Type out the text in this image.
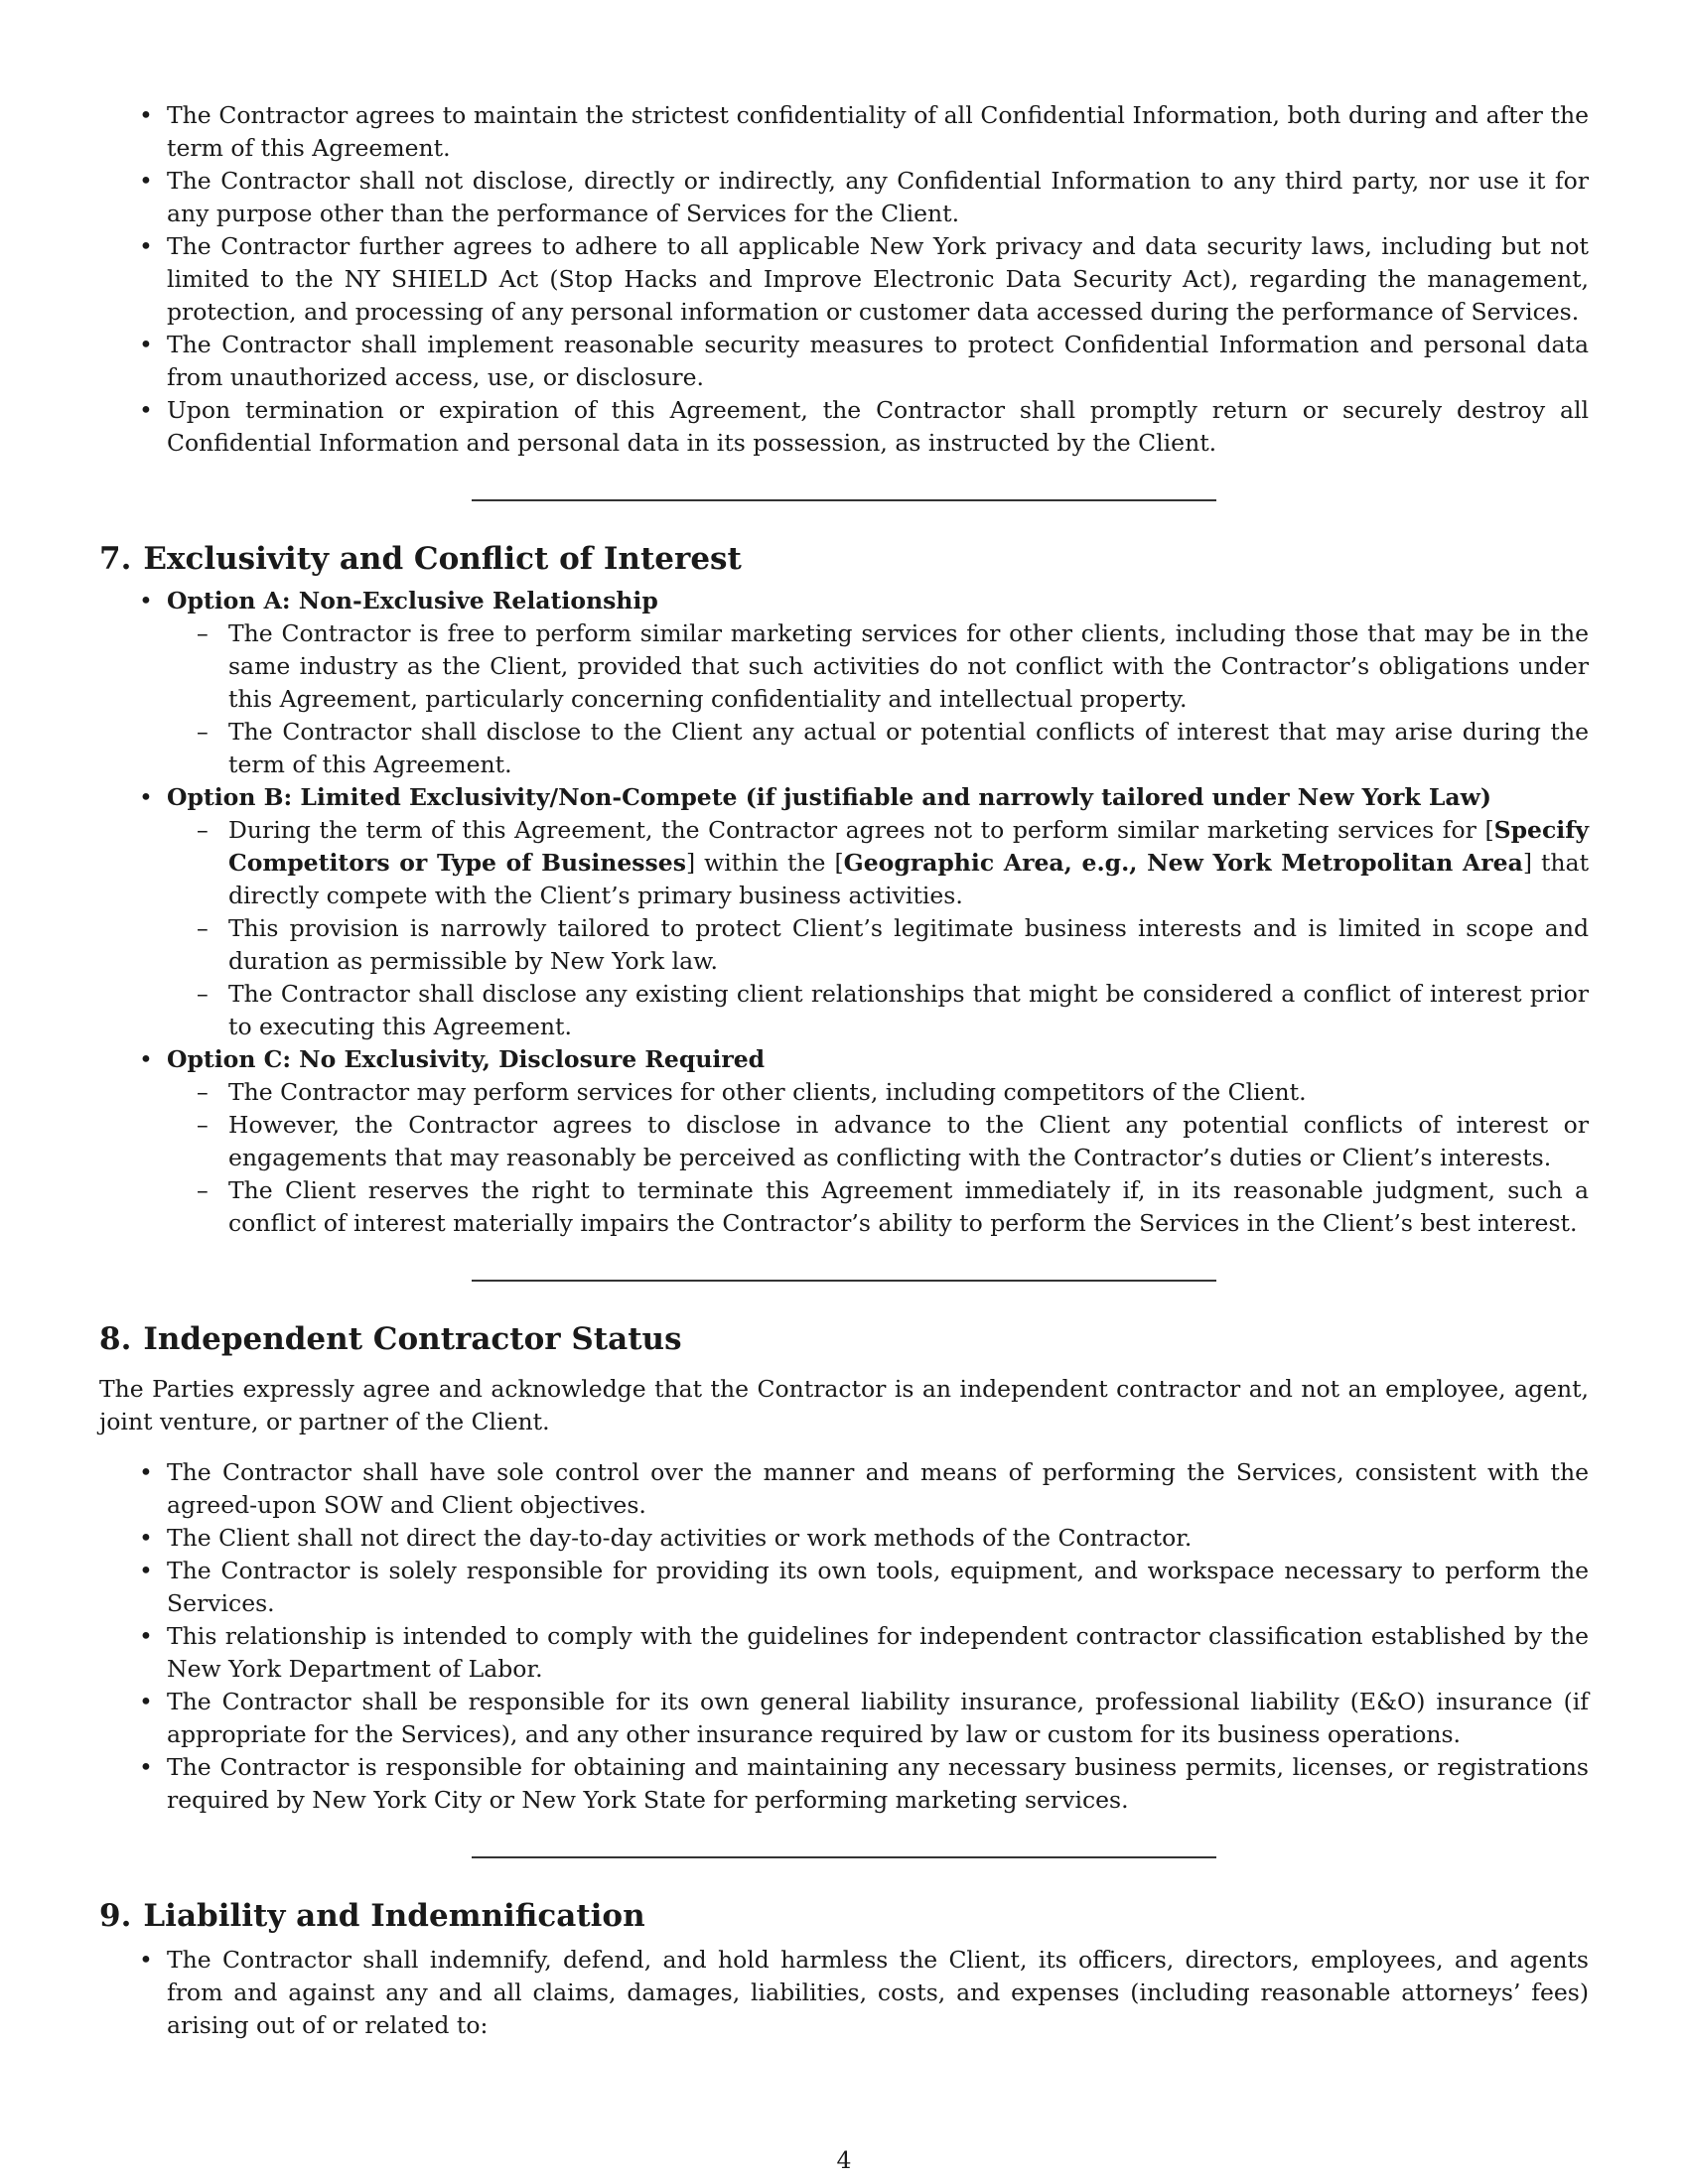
• The Contractor agrees to maintain the strictest confidentiality of all Confidential Information, both during and after the term of this Agreement.
• The Contractor shall not disclose, directly or indirectly, any Confidential Information to any third party, nor use it for any purpose other than the performance of Services for the Client.
• The Contractor further agrees to adhere to all applicable New York privacy and data security laws, including but not limited to the NY SHIELD Act (Stop Hacks and Improve Electronic Data Security Act), regarding the management, protection, and processing of any personal information or customer data accessed during the performance of Services.
• The Contractor shall implement reasonable security measures to protect Confidential Information and personal data from unauthorized access, use, or disclosure.
• Upon termination or expiration of this Agreement, the Contractor shall promptly return or securely destroy all Confidential Information and personal data in its possession, as instructed by the Client.
7. Exclusivity and Conflict of Interest
• Option A: Non-Exclusive Relationship
– The Contractor is free to perform similar marketing services for other clients, including those that may be in the same industry as the Client, provided that such activities do not conflict with the Contractor’s obligations under this Agreement, particularly concerning confidentiality and intellectual property.
– The Contractor shall disclose to the Client any actual or potential conflicts of interest that may arise during the term of this Agreement.
• Option B: Limited Exclusivity/Non-Compete (if justifiable and narrowly tailored under New York Law)
– During the term of this Agreement, the Contractor agrees not to perform similar marketing services for [Specify Competitors or Type of Businesses] within the [Geographic Area, e.g., New York Metropolitan Area] that directly compete with the Client’s primary business activities.
– This provision is narrowly tailored to protect Client’s legitimate business interests and is limited in scope and duration as permissible by New York law.
– The Contractor shall disclose any existing client relationships that might be considered a conflict of interest prior to executing this Agreement.
• Option C: No Exclusivity, Disclosure Required
– The Contractor may perform services for other clients, including competitors of the Client.
– However, the Contractor agrees to disclose in advance to the Client any potential conflicts of interest or engagements that may reasonably be perceived as conflicting with the Contractor’s duties or Client’s interests.
– The Client reserves the right to terminate this Agreement immediately if, in its reasonable judgment, such a conflict of interest materially impairs the Contractor’s ability to perform the Services in the Client’s best interest.
8. Independent Contractor Status

The Parties expressly agree and acknowledge that the Contractor is an independent contractor and not an employee, agent, joint venture, or partner of the Client.

• The Contractor shall have sole control over the manner and means of performing the Services, consistent with the agreed-upon SOW and Client objectives.
• The Client shall not direct the day-to-day activities or work methods of the Contractor.
• The Contractor is solely responsible for providing its own tools, equipment, and workspace necessary to perform the Services.
• This relationship is intended to comply with the guidelines for independent contractor classification established by the New York Department of Labor.
• The Contractor shall be responsible for its own general liability insurance, professional liability (E&O) insurance (if appropriate for the Services), and any other insurance required by law or custom for its business operations.
• The Contractor is responsible for obtaining and maintaining any necessary business permits, licenses, or registrations required by New York City or New York State for performing marketing services.
9. Liability and Indemnification
• The Contractor shall indemnify, defend, and hold harmless the Client, its officers, directors, employees, and agents from and against any and all claims, damages, liabilities, costs, and expenses (including reasonable attorneys’ fees) arising out of or related to:
4
